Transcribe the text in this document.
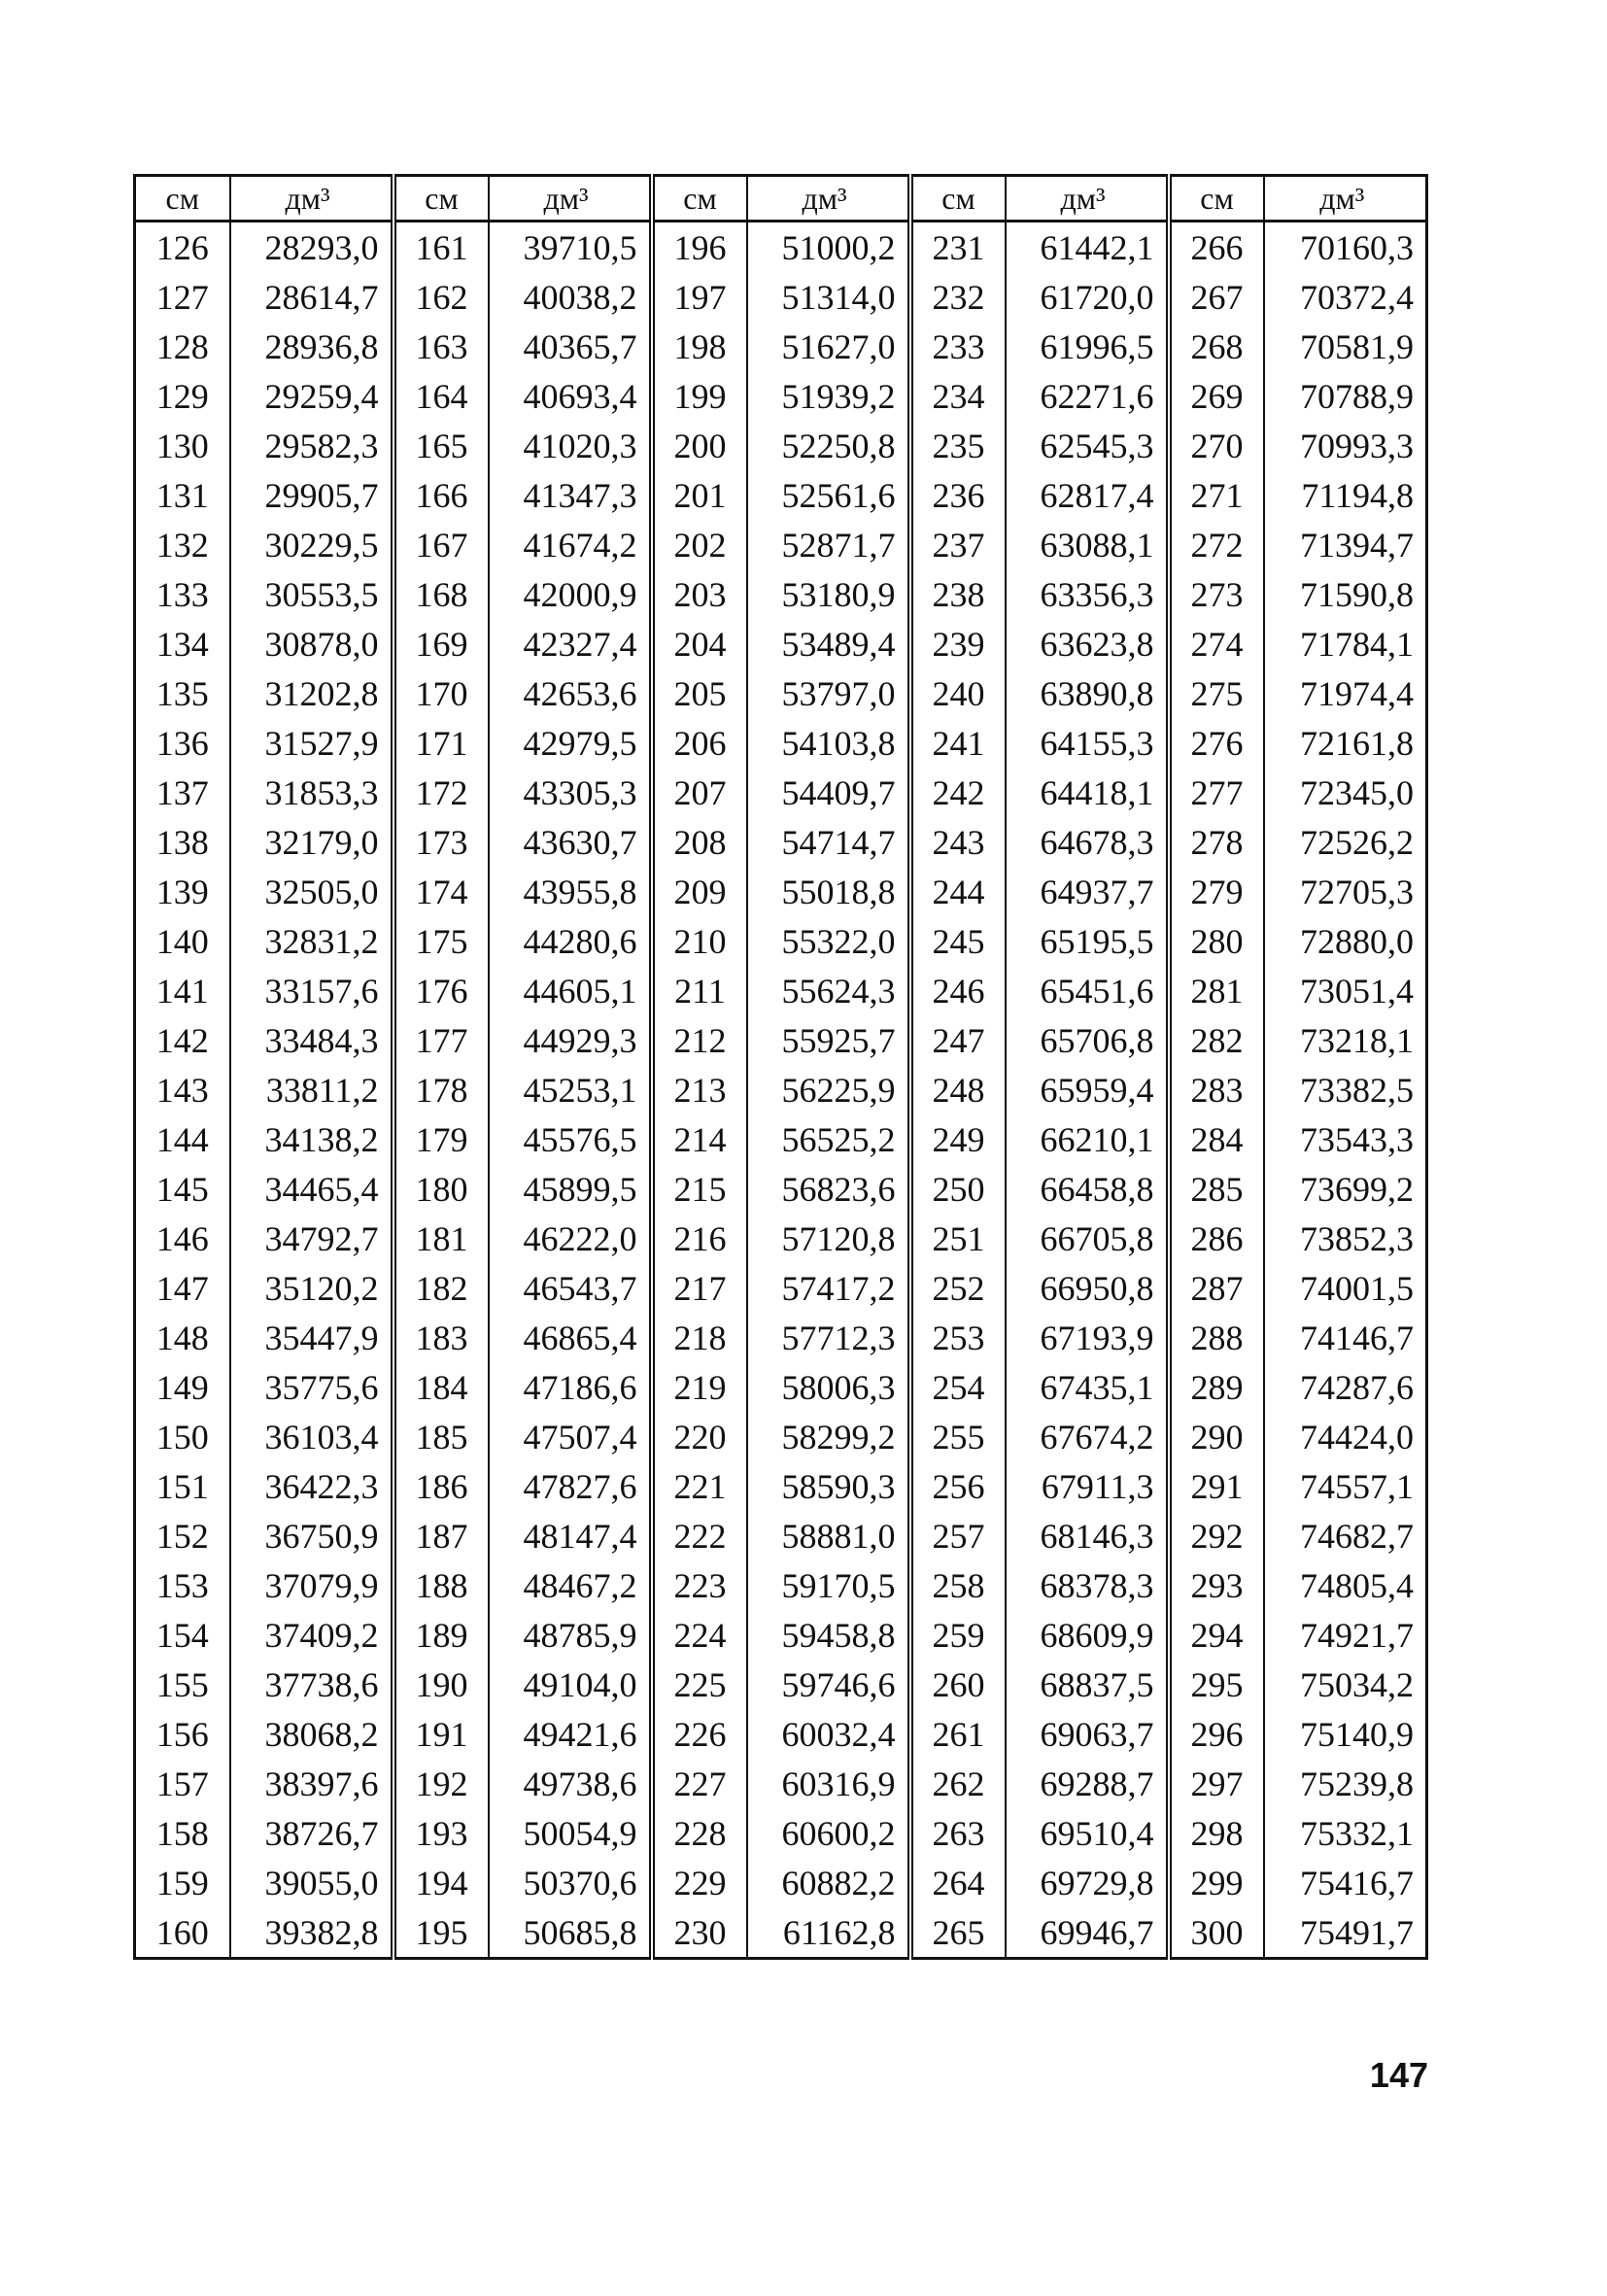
см	дм³	см	дм³	см	дм³	см	дм³	см	дм³
126	28293,0	161	39710,5	196	51000,2	231	61442,1	266	70160,3
127	28614,7	162	40038,2	197	51314,0	232	61720,0	267	70372,4
128	28936,8	163	40365,7	198	51627,0	233	61996,5	268	70581,9
129	29259,4	164	40693,4	199	51939,2	234	62271,6	269	70788,9
130	29582,3	165	41020,3	200	52250,8	235	62545,3	270	70993,3
131	29905,7	166	41347,3	201	52561,6	236	62817,4	271	71194,8
132	30229,5	167	41674,2	202	52871,7	237	63088,1	272	71394,7
133	30553,5	168	42000,9	203	53180,9	238	63356,3	273	71590,8
134	30878,0	169	42327,4	204	53489,4	239	63623,8	274	71784,1
135	31202,8	170	42653,6	205	53797,0	240	63890,8	275	71974,4
136	31527,9	171	42979,5	206	54103,8	241	64155,3	276	72161,8
137	31853,3	172	43305,3	207	54409,7	242	64418,1	277	72345,0
138	32179,0	173	43630,7	208	54714,7	243	64678,3	278	72526,2
139	32505,0	174	43955,8	209	55018,8	244	64937,7	279	72705,3
140	32831,2	175	44280,6	210	55322,0	245	65195,5	280	72880,0
141	33157,6	176	44605,1	211	55624,3	246	65451,6	281	73051,4
142	33484,3	177	44929,3	212	55925,7	247	65706,8	282	73218,1
143	33811,2	178	45253,1	213	56225,9	248	65959,4	283	73382,5
144	34138,2	179	45576,5	214	56525,2	249	66210,1	284	73543,3
145	34465,4	180	45899,5	215	56823,6	250	66458,8	285	73699,2
146	34792,7	181	46222,0	216	57120,8	251	66705,8	286	73852,3
147	35120,2	182	46543,7	217	57417,2	252	66950,8	287	74001,5
148	35447,9	183	46865,4	218	57712,3	253	67193,9	288	74146,7
149	35775,6	184	47186,6	219	58006,3	254	67435,1	289	74287,6
150	36103,4	185	47507,4	220	58299,2	255	67674,2	290	74424,0
151	36422,3	186	47827,6	221	58590,3	256	67911,3	291	74557,1
152	36750,9	187	48147,4	222	58881,0	257	68146,3	292	74682,7
153	37079,9	188	48467,2	223	59170,5	258	68378,3	293	74805,4
154	37409,2	189	48785,9	224	59458,8	259	68609,9	294	74921,7
155	37738,6	190	49104,0	225	59746,6	260	68837,5	295	75034,2
156	38068,2	191	49421,6	226	60032,4	261	69063,7	296	75140,9
157	38397,6	192	49738,6	227	60316,9	262	69288,7	297	75239,8
158	38726,7	193	50054,9	228	60600,2	263	69510,4	298	75332,1
159	39055,0	194	50370,6	229	60882,2	264	69729,8	299	75416,7
160	39382,8	195	50685,8	230	61162,8	265	69946,7	300	75491,7
147
